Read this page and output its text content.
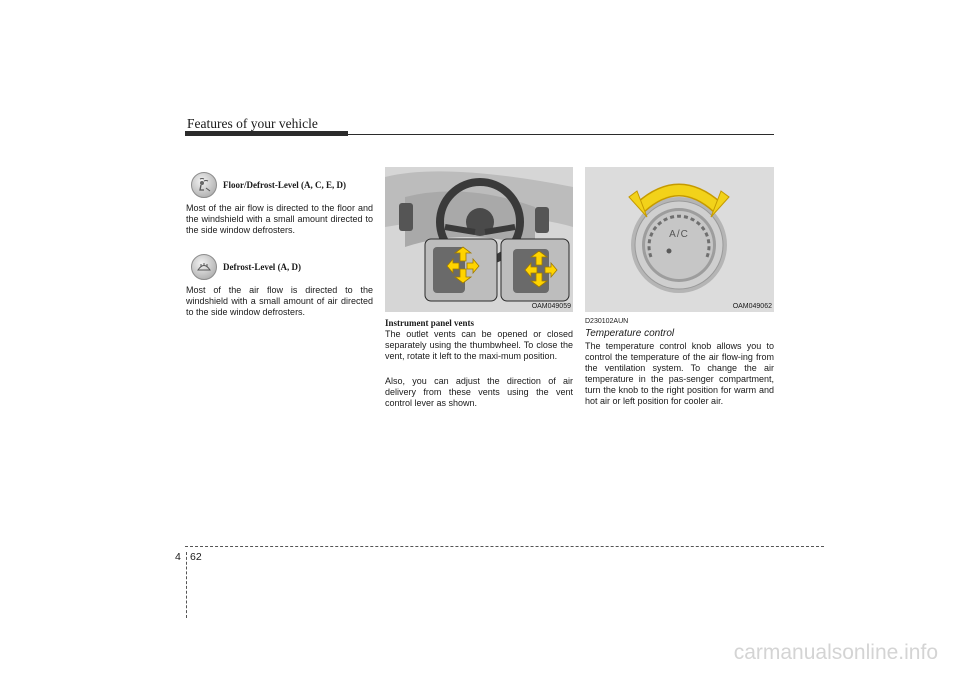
Features of your vehicle
Floor/Defrost-Level (A, C, E, D)
Most of the air flow is directed to the floor and the windshield with a small amount directed to the side window defrosters.
Defrost-Level (A, D)
Most of the air flow is directed to the windshield with a small amount of air directed to the side window defrosters.
OAM049059
Instrument panel vents
The outlet vents can be opened or closed separately using the thumbwheel. To close the vent, rotate it left to the maxi-mum position.
Also, you can adjust the direction of air delivery from these vents using the vent control lever as shown.
A/C
OAM049062
D230102AUN
Temperature control
The temperature control knob allows you to control the temperature of the air flow-ing from the ventilation system. To change the air temperature in the pas-senger compartment, turn the knob to the right position for warm and hot air or left position for cooler air.
4 62
carmanualsonline.info
